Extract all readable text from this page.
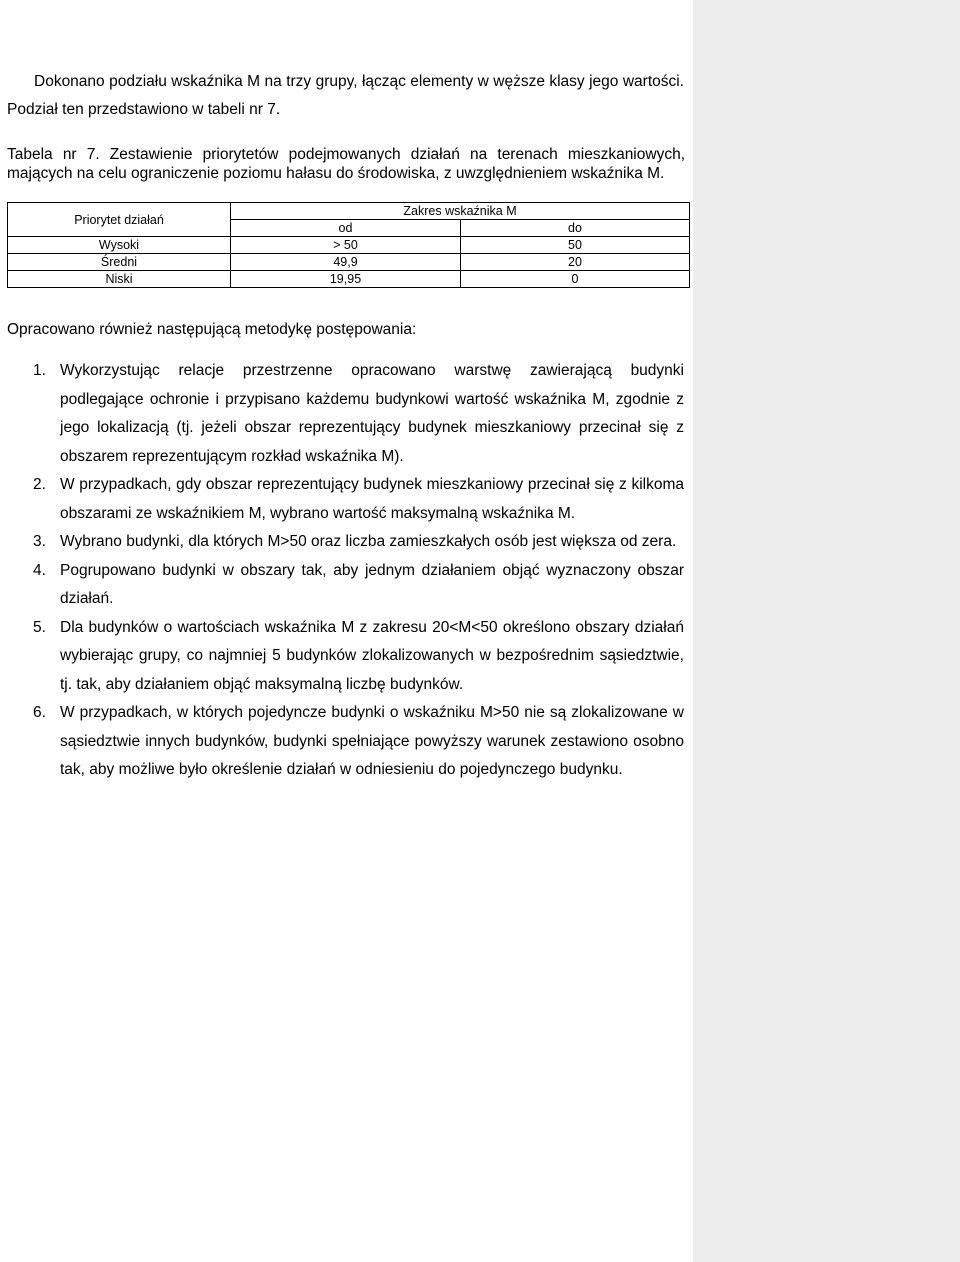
Dokonano podziału wskaźnika M na trzy grupy, łącząc elementy w węższe klasy jego wartości. Podział ten przedstawiono w tabeli nr 7.

Tabela nr 7. Zestawienie priorytetów podejmowanych działań na terenach mieszkaniowych, mających na celu ograniczenie poziomu hałasu do środowiska, z uwzględnieniem wskaźnika M.

Priorytet działań	Zakres wskaźnika M	
	od	do
Wysoki	> 50	50
Średni	49,9	20
Niski	19,95	0

Opracowano również następującą metodykę postępowania:

1. Wykorzystując relacje przestrzenne opracowano warstwę zawierającą budynki podlegające ochronie i przypisano każdemu budynkowi wartość wskaźnika M, zgodnie z jego lokalizacją (tj. jeżeli obszar reprezentujący budynek mieszkaniowy przecinał się z obszarem reprezentującym rozkład wskaźnika M).
2. W przypadkach, gdy obszar reprezentujący budynek mieszkaniowy przecinał się z kilkoma obszarami ze wskaźnikiem M, wybrano wartość maksymalną wskaźnika M.
3. Wybrano budynki, dla których M>50 oraz liczba zamieszkałych osób jest większa od zera.
4. Pogrupowano budynki w obszary tak, aby jednym działaniem objąć wyznaczony obszar działań.
5. Dla budynków o wartościach wskaźnika M z zakresu 20<M<50 określono obszary działań wybierając grupy, co najmniej 5 budynków zlokalizowanych w bezpośrednim sąsiedztwie, tj. tak, aby działaniem objąć maksymalną liczbę budynków.
6. W przypadkach, w których pojedyncze budynki o wskaźniku M>50 nie są zlokalizowane w sąsiedztwie innych budynków, budynki spełniające powyższy warunek zestawiono osobno tak, aby możliwe było określenie działań w odniesieniu do pojedynczego budynku.
